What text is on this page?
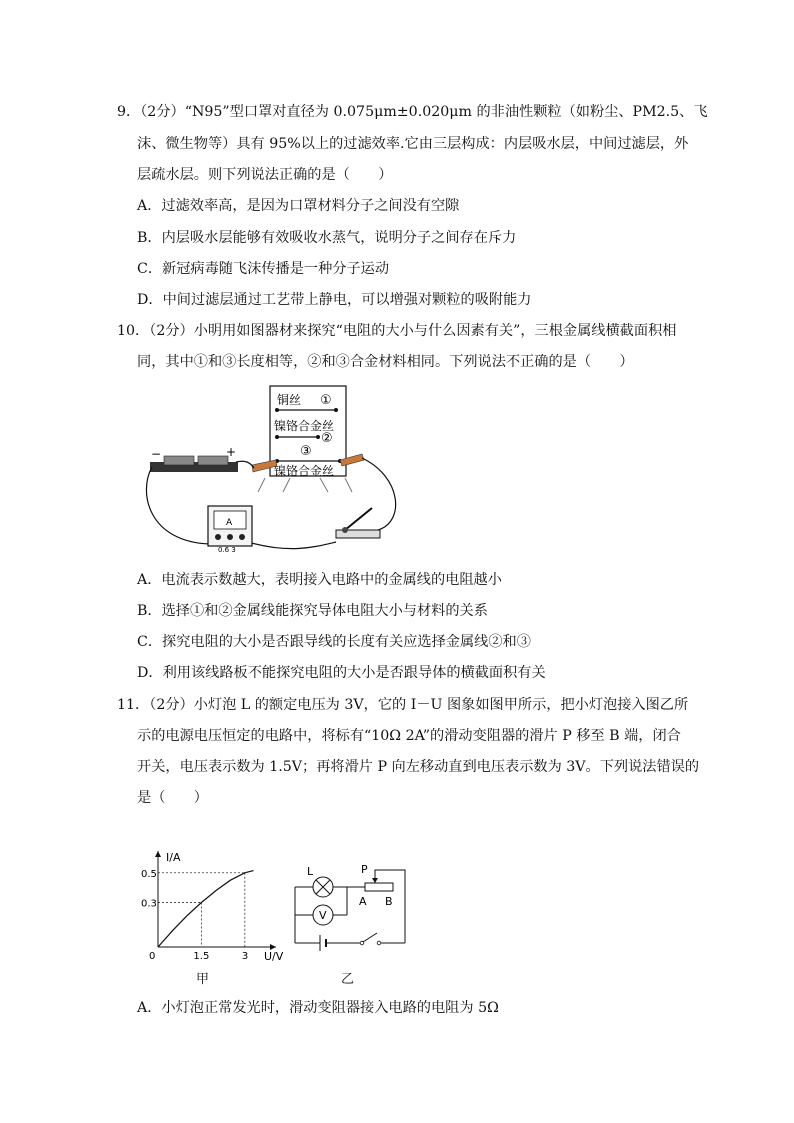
9．（2分）“N95”型口罩对直径为 0.075μm±0.020μm 的非油性颗粒（如粉尘、PM2.5、飞
沫、微生物等）具有 95%以上的过滤效率.它由三层构成：内层吸水层，中间过滤层，外
层疏水层。则下列说法正确的是（　　）
A．过滤效率高，是因为口罩材料分子之间没有空隙
B．内层吸水层能够有效吸收水蒸气，说明分子之间存在斥力
C．新冠病毒随飞沫传播是一种分子运动
D．中间过滤层通过工艺带上静电，可以增强对颗粒的吸附能力
10．（2分）小明用如图器材来探究“电阻的大小与什么因素有关”，三根金属线横截面积相
同，其中①和③长度相等，②和③合金材料相同。下列说法不正确的是（　　）
铜丝 ①
镍铬合金丝
②
③
镍铬合金丝
−	+
A
0.6 3
A．电流表示数越大，表明接入电路中的金属线的电阻越小
B．选择①和②金属线能探究导体电阻大小与材料的关系
C．探究电阻的大小是否跟导线的长度有关应选择金属线②和③
D．利用该线路板不能探究电阻的大小是否跟导体的横截面积有关
11．（2分）小灯泡 L 的额定电压为 3V，它的 I－U 图象如图甲所示，把小灯泡接入图乙所
示的电源电压恒定的电路中，将标有“10Ω 2A”的滑动变阻器的滑片 P 移至 B 端，闭合
开关，电压表示数为 1.5V；再将滑片 P 向左移动直到电压表示数为 3V。下列说法错误的
是（　　）
I/A
U/V
0
0.5
0.3
1.5	3
甲
L
V
A B
P
乙
A．小灯泡正常发光时，滑动变阻器接入电路的电阻为 5Ω
